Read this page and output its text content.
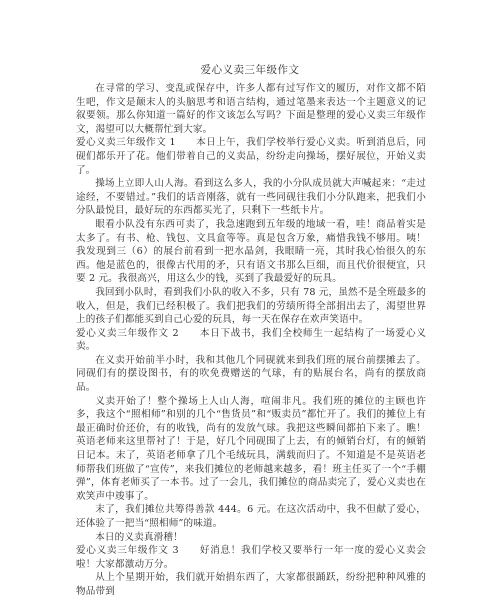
爱心义卖三年级作文

在寻常的学习、变乱或保存中，许多人都有过写作文的履历，对作文都不陌生吧，作文是颠末人的头脑思考和语言结构，通过笔墨来表达一个主题意义的记叙要领。那么你知道一篇好的作文该怎么写吗？下面是整理的爱心义卖三年级作文，渴望可以大概帮忙到大家。

爱心义卖三年级作文 1　　本日上午，我们学校举行爱心义卖。听到消息后，同砚们都乐开了花。他们带着自己的义卖品，纷纷走向操场，摆好展位，开始义卖了。

操场上立即人山人海。看到这么多人，我的小分队成员就大声喊起来：“走过途经，不要错过。”我们的话音刚落，就有一些同砚往我们小分队跑来，把我们小分队最悦目，最好玩的东西都买光了，只剩下一些纸卡片。

眼看小队没有东西可卖了，我急速跑到五年级的地域一看，哇！商品着实是太多了。有书、枪、钱包、文具盒等等。真是包含万象，痛惜我钱不够用。咦！我发现到三（6）的展台前看到一把水晶剑，我眼睛一亮，其时我心怡很久的东西。他是蓝色的，很像古代用的矛，只有语文书那么巨细，而且代价很便宜，只要 2 元。我很高兴，用这么少的钱，买到了我最爱好的玩具。

我回到小队时，看到我们小队的收入不多，只有 78 元，虽然不是全班最多的收入，但是，我们已经积极了。我们把我们的劳绩所得全部捐出去了，渴望世界上的孩子们都能买到自己心爱的玩具，每一天在保存在欢声笑语中。

爱心义卖三年级作文 2　　本日下战书，我们全校师生一起结构了一场爱心义卖。

在义卖开始前半小时，我和其他几个同砚就来到我们班的展台前摆摊去了。同砚们有的摆设图书，有的吹免费赠送的气球，有的贴展台名，尚有的摆放商品。

义卖开始了！整个操场上人山人海，喧闹非凡。我们班的摊位的主顾也许多，我这个“照相师”和别的几个“售货员”和“贩卖员”都忙开了。我们的摊位上有最正确时价还价，有的收钱，尚有的发放气球。我把这些瞬间都拍下来了。瞧！英语老师来这里帮衬了！于是，好几个同砚围了上去，有的倾销台灯，有的倾销日记本。末了，英语老师拿了几个毛绒玩具，满载而归了。不知道是不是英语老师帮我们班做了“宣传”，来我们摊位的老师越来越多，看！班主任买了一个“手棚弹”，体育老师买了一本书。过了一会儿，我们摊位的商品卖完了，爱心义卖也在欢笑声中竣事了。

末了，我们摊位共筹得善款 444。6 元。在这次活动中，我不但献了爱心，还体验了一把当“照相师”的味道。

本日的义卖真滑稽！

爱心义卖三年级作文 3　　好消息！我们学校又要举行一年一度的爱心义卖会啦！大家都激动万分。

从上个星期开始，我们就开始捐东西了，大家都很踊跃，纷纷把种种风雅的物品带到
